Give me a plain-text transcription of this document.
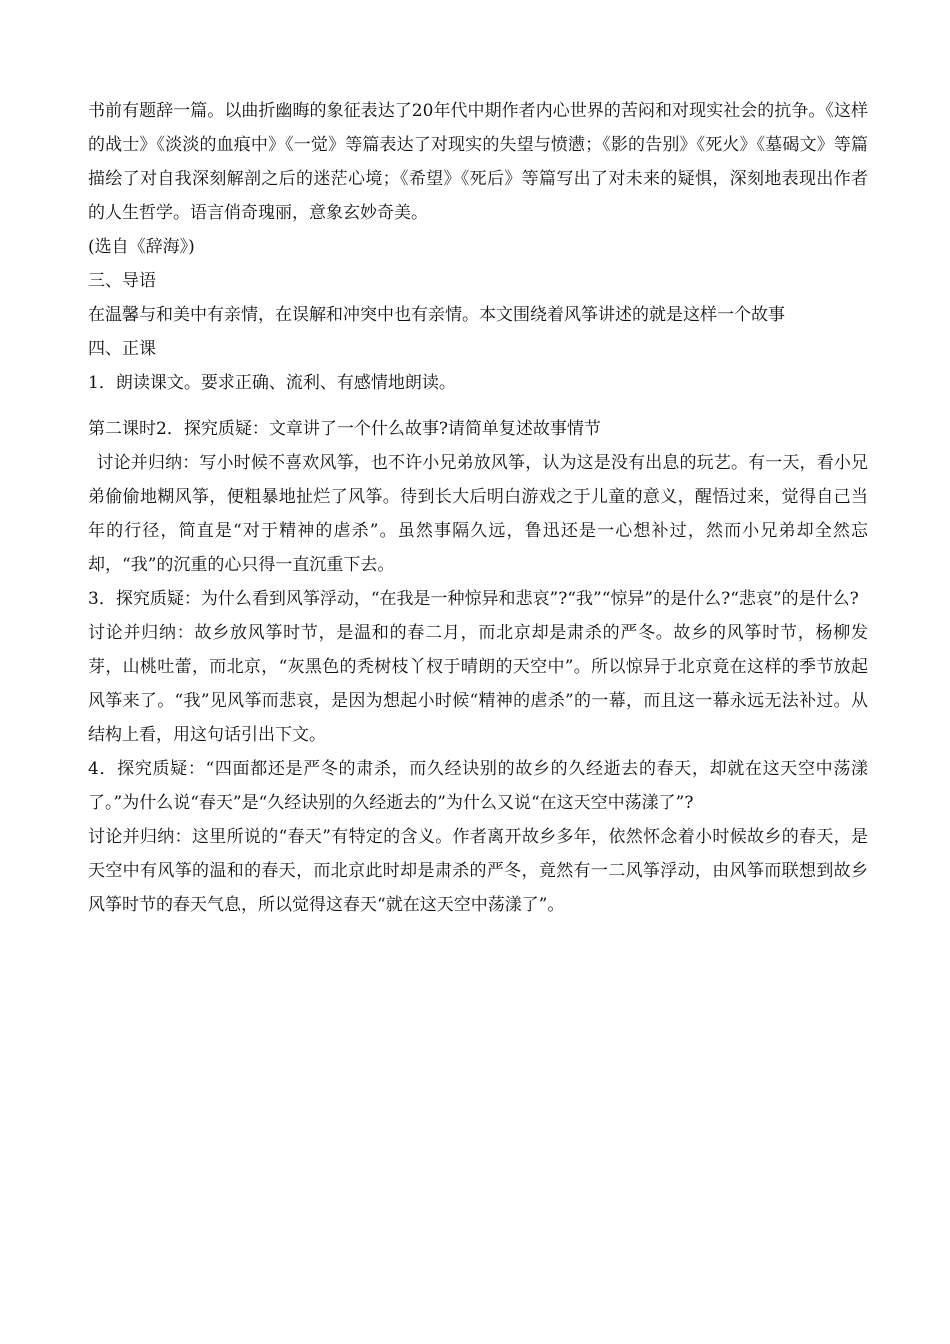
书前有题辞一篇。以曲折幽晦的象征表达了20年代中期作者内心世界的苦闷和对现实社会的抗争。《这样的战士》《淡淡的血痕中》《一觉》等篇表达了对现实的失望与愤懑；《影的告别》《死火》《墓碣文》等篇描绘了对自我深刻解剖之后的迷茫心境；《希望》《死后》等篇写出了对未来的疑惧，深刻地表现出作者的人生哲学。语言俏奇瑰丽，意象玄妙奇美。

(选自《辞海》)

三、导语

在温馨与和美中有亲情，在误解和冲突中也有亲情。本文围绕着风筝讲述的就是这样一个故事

四、正课

1．朗读课文。要求正确、流利、有感情地朗读。

第二课时2．探究质疑：文章讲了一个什么故事?请简单复述故事情节

讨论并归纳：写小时候不喜欢风筝，也不许小兄弟放风筝，认为这是没有出息的玩艺。有一天，看小兄弟偷偷地糊风筝，便粗暴地扯烂了风筝。待到长大后明白游戏之于儿童的意义，醒悟过来，觉得自己当年的行径，简直是“对于精神的虐杀”。虽然事隔久远，鲁迅还是一心想补过，然而小兄弟却全然忘却，“我”的沉重的心只得一直沉重下去。

3．探究质疑：为什么看到风筝浮动，“在我是一种惊异和悲哀”?“我”“惊异”的是什么?“悲哀”的是什么?

讨论并归纳：故乡放风筝时节，是温和的春二月，而北京却是肃杀的严冬。故乡的风筝时节，杨柳发芽，山桃吐蕾，而北京，“灰黑色的秃树枝丫杈于晴朗的天空中”。所以惊异于北京竟在这样的季节放起风筝来了。“我”见风筝而悲哀，是因为想起小时候“精神的虐杀”的一幕，而且这一幕永远无法补过。从结构上看，用这句话引出下文。

4．探究质疑：“四面都还是严冬的肃杀，而久经诀别的故乡的久经逝去的春天，却就在这天空中荡漾了。”为什么说“春天”是“久经诀别的久经逝去的”为什么又说“在这天空中荡漾了”?

讨论并归纳：这里所说的“春天”有特定的含义。作者离开故乡多年，依然怀念着小时候故乡的春天，是天空中有风筝的温和的春天，而北京此时却是肃杀的严冬，竟然有一二风筝浮动，由风筝而联想到故乡风筝时节的春天气息，所以觉得这春天“就在这天空中荡漾了”。
